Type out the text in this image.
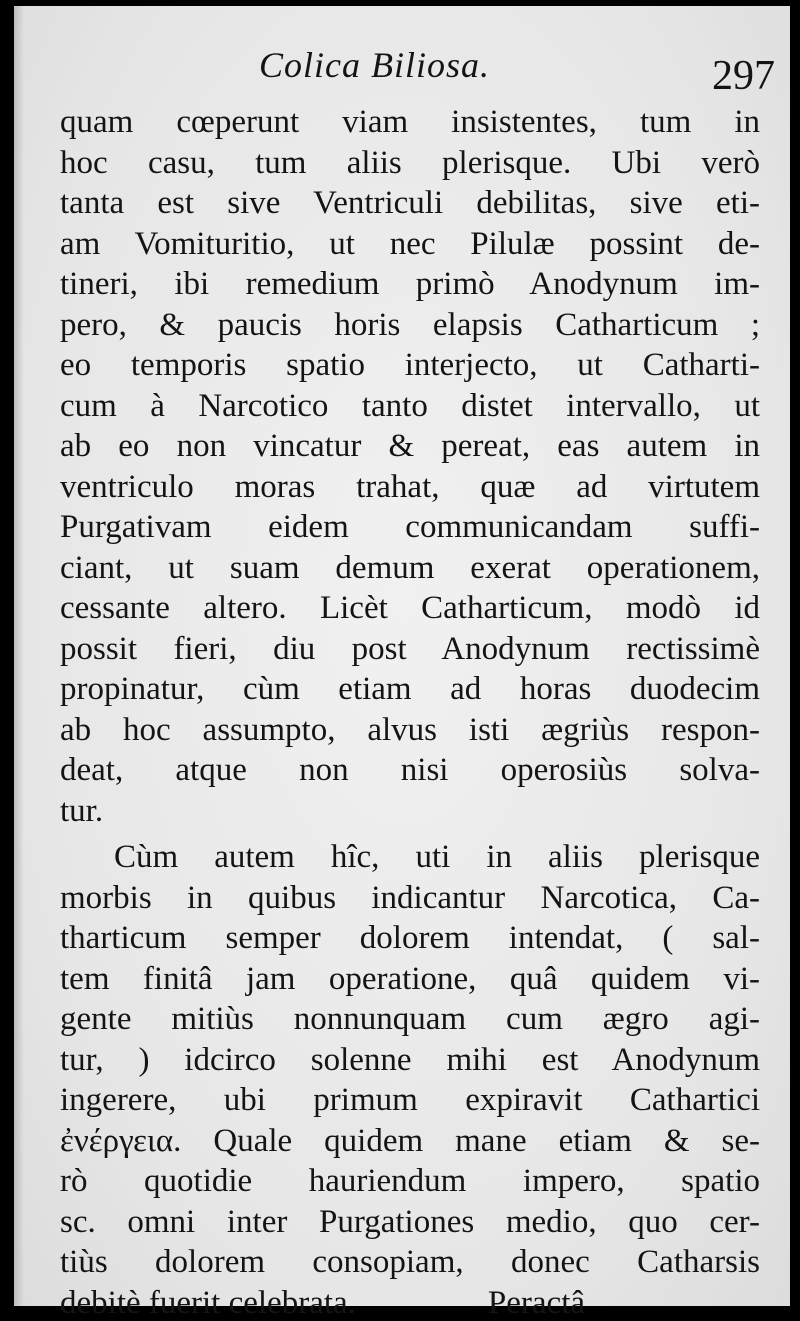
Colica Biliosa.	297
quam cœperunt viam insistentes, tum in
hoc casu, tum aliis plerisque. Ubi verò
tanta est sive Ventriculi debilitas, sive eti-
am Vomituritio, ut nec Pilulæ possint de-
tineri, ibi remedium primò Anodynum im-
pero, & paucis horis elapsis Catharticum ;
eo temporis spatio interjecto, ut Catharti-
cum à Narcotico tanto distet intervallo, ut
ab eo non vincatur & pereat, eas autem in
ventriculo moras trahat, quæ ad virtutem
Purgativam eidem communicandam suffi-
ciant, ut suam demum exerat operationem,
cessante altero. Licèt Catharticum, modò id
possit fieri, diu post Anodynum rectissimè
propinatur, cùm etiam ad horas duodecim
ab hoc assumpto, alvus isti ægriùs respon-
deat, atque non nisi operosiùs solva-
tur.
Cùm autem hîc, uti in aliis plerisque
morbis in quibus indicantur Narcotica, Ca-
tharticum semper dolorem intendat, ( sal-
tem finitâ jam operatione, quâ quidem vi-
gente mitiùs nonnunquam cum ægro agi-
tur, ) idcirco solenne mihi est Anodynum
ingerere, ubi primum expiravit Cathartici
ἐνέργεια. Quale quidem mane etiam & se-
rò quotidie hauriendum impero, spatio
sc. omni inter Purgationes medio, quo cer-
tiùs dolorem consopiam, donec Catharsis
debitè fuerit celebrata.                Peractâ
